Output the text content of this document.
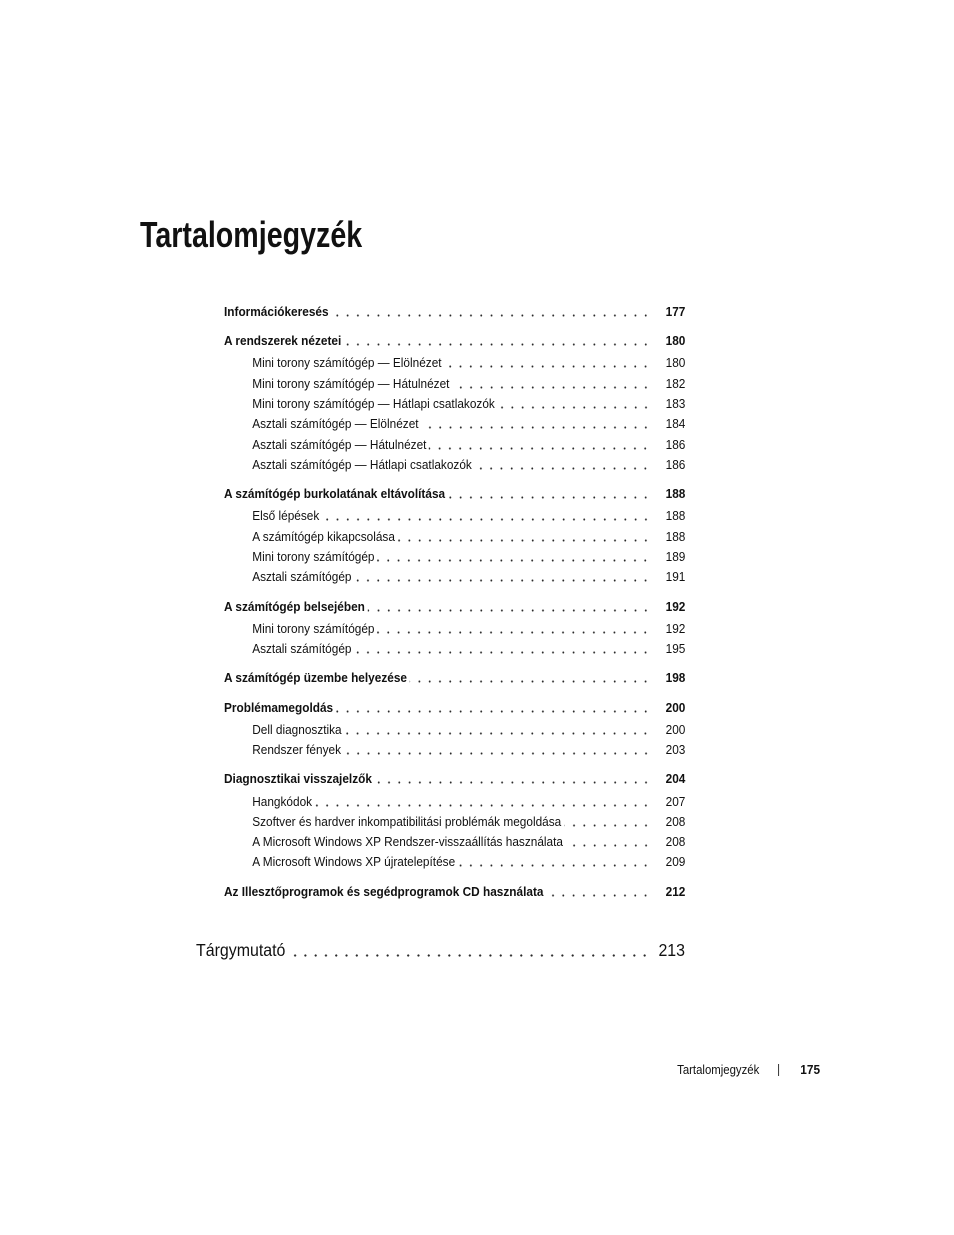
Tartalomjegyzék
Információkeresés	177
A rendszerek nézetei	180
Mini torony számítógép — Elölnézet	180
Mini torony számítógép — Hátulnézet	182
Mini torony számítógép — Hátlapi csatlakozók	183
Asztali számítógép — Elölnézet	184
Asztali számítógép — Hátulnézet	186
Asztali számítógép — Hátlapi csatlakozók	186
A számítógép burkolatának eltávolítása	188
Első lépések	188
A számítógép kikapcsolása	188
Mini torony számítógép	189
Asztali számítógép	191
A számítógép belsejében	192
Mini torony számítógép	192
Asztali számítógép	195
A számítógép üzembe helyezése	198
Problémamegoldás	200
Dell diagnosztika	200
Rendszer fények	203
Diagnosztikai visszajelzők	204
Hangkódok	207
Szoftver és hardver inkompatibilitási problémák megoldása	208
A Microsoft Windows XP Rendszer-visszaállítás használata	208
A Microsoft Windows XP újratelepítése	209
Az Illesztőprogramok és segédprogramok CD használata	212
Tárgymutató	213
Tartalomjegyzék	175
